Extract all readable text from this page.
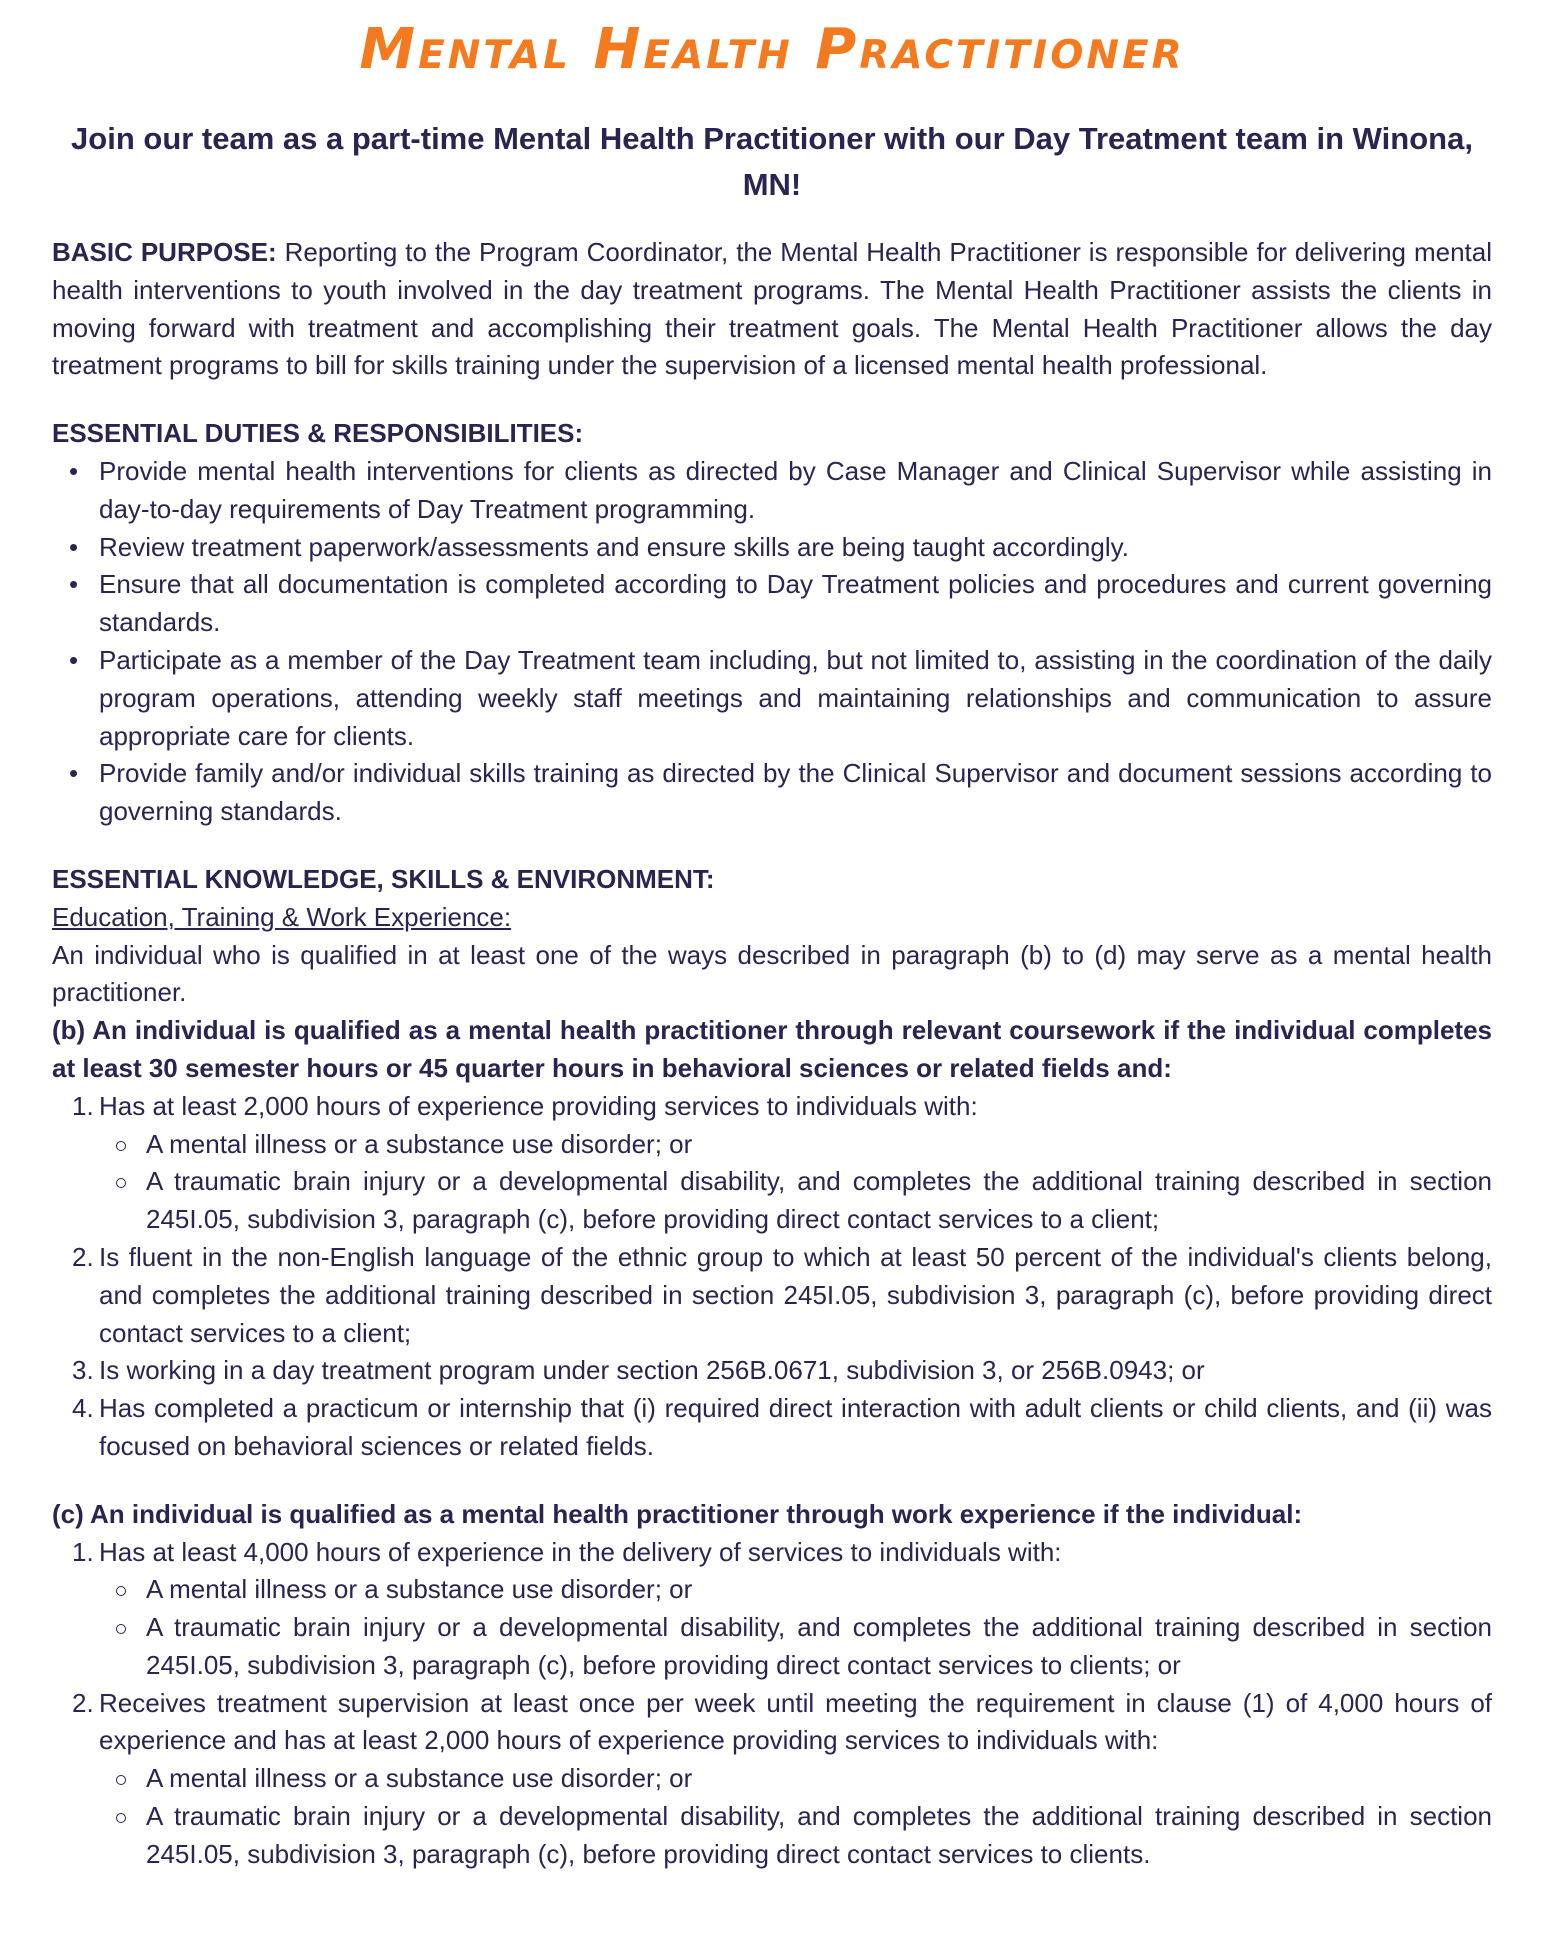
Mental Health Practitioner
Join our team as a part-time Mental Health Practitioner with our Day Treatment team in Winona, MN!

BASIC PURPOSE: Reporting to the Program Coordinator, the Mental Health Practitioner is responsible for delivering mental health interventions to youth involved in the day treatment programs. The Mental Health Practitioner assists the clients in moving forward with treatment and accomplishing their treatment goals. The Mental Health Practitioner allows the day treatment programs to bill for skills training under the supervision of a licensed mental health professional.

ESSENTIAL DUTIES & RESPONSIBILITIES:
• Provide mental health interventions for clients as directed by Case Manager and Clinical Supervisor while assisting in day-to-day requirements of Day Treatment programming.
• Review treatment paperwork/assessments and ensure skills are being taught accordingly.
• Ensure that all documentation is completed according to Day Treatment policies and procedures and current governing standards.
• Participate as a member of the Day Treatment team including, but not limited to, assisting in the coordination of the daily program operations, attending weekly staff meetings and maintaining relationships and communication to assure appropriate care for clients.
• Provide family and/or individual skills training as directed by the Clinical Supervisor and document sessions according to governing standards.
ESSENTIAL KNOWLEDGE, SKILLS & ENVIRONMENT:
Education, Training & Work Experience:
An individual who is qualified in at least one of the ways described in paragraph (b) to (d) may serve as a mental health practitioner.
(b) An individual is qualified as a mental health practitioner through relevant coursework if the individual completes at least 30 semester hours or 45 quarter hours in behavioral sciences or related fields and:
1. Has at least 2,000 hours of experience providing services to individuals with:
A mental illness or a substance use disorder; or
A traumatic brain injury or a developmental disability, and completes the additional training described in section 245I.05, subdivision 3, paragraph (c), before providing direct contact services to a client;
2. Is fluent in the non-English language of the ethnic group to which at least 50 percent of the individual's clients belong, and completes the additional training described in section 245I.05, subdivision 3, paragraph (c), before providing direct contact services to a client;
3. Is working in a day treatment program under section 256B.0671, subdivision 3, or 256B.0943; or
4. Has completed a practicum or internship that (i) required direct interaction with adult clients or child clients, and (ii) was focused on behavioral sciences or related fields.
(c) An individual is qualified as a mental health practitioner through work experience if the individual:
1. Has at least 4,000 hours of experience in the delivery of services to individuals with:
A mental illness or a substance use disorder; or
A traumatic brain injury or a developmental disability, and completes the additional training described in section 245I.05, subdivision 3, paragraph (c), before providing direct contact services to clients; or
2. Receives treatment supervision at least once per week until meeting the requirement in clause (1) of 4,000 hours of experience and has at least 2,000 hours of experience providing services to individuals with:
A mental illness or a substance use disorder; or
A traumatic brain injury or a developmental disability, and completes the additional training described in section 245I.05, subdivision 3, paragraph (c), before providing direct contact services to clients.
